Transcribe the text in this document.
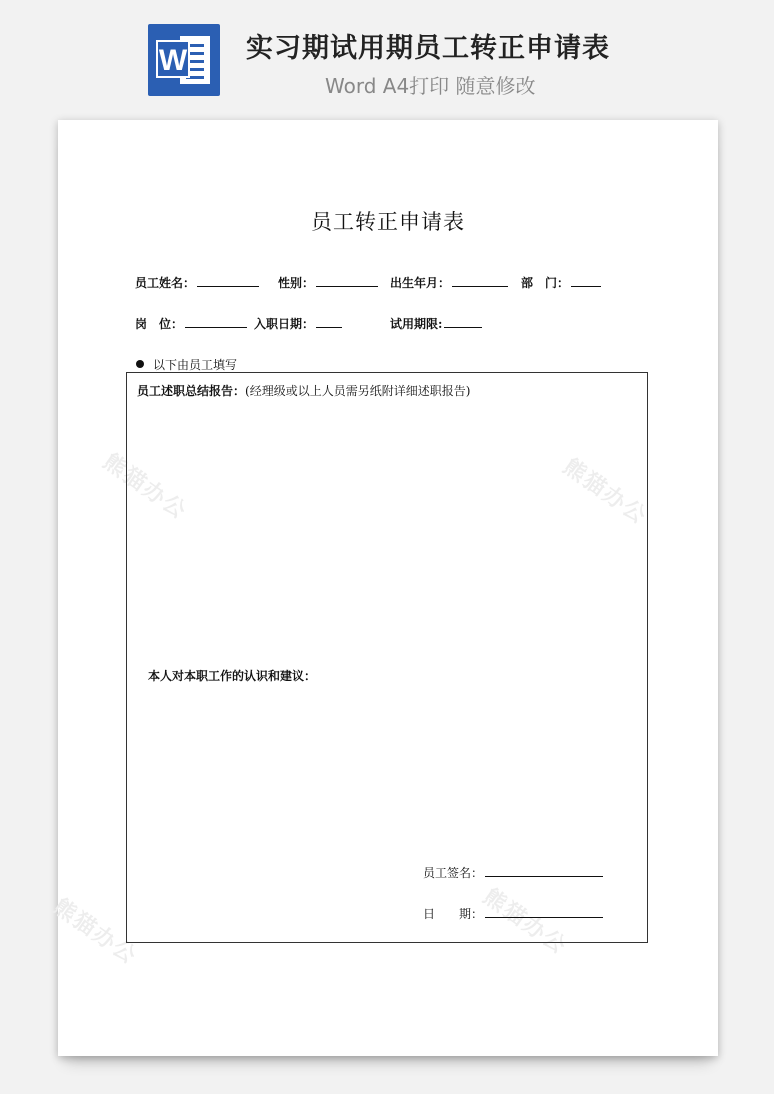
W 实习期试用期员工转正申请表
Word A4打印 随意修改
熊猫办公	熊猫办公
熊猫办公
熊猫办公
员工转正申请表
员工姓名：	性别：	出生年月：	部　门：
岗　位：	入职日期：	试用期限:
以下由员工填写
员工述职总结报告：(经理级或以上人员需另纸附详细述职报告)
本人对本职工作的认识和建议：
员工签名：
日　　期：
